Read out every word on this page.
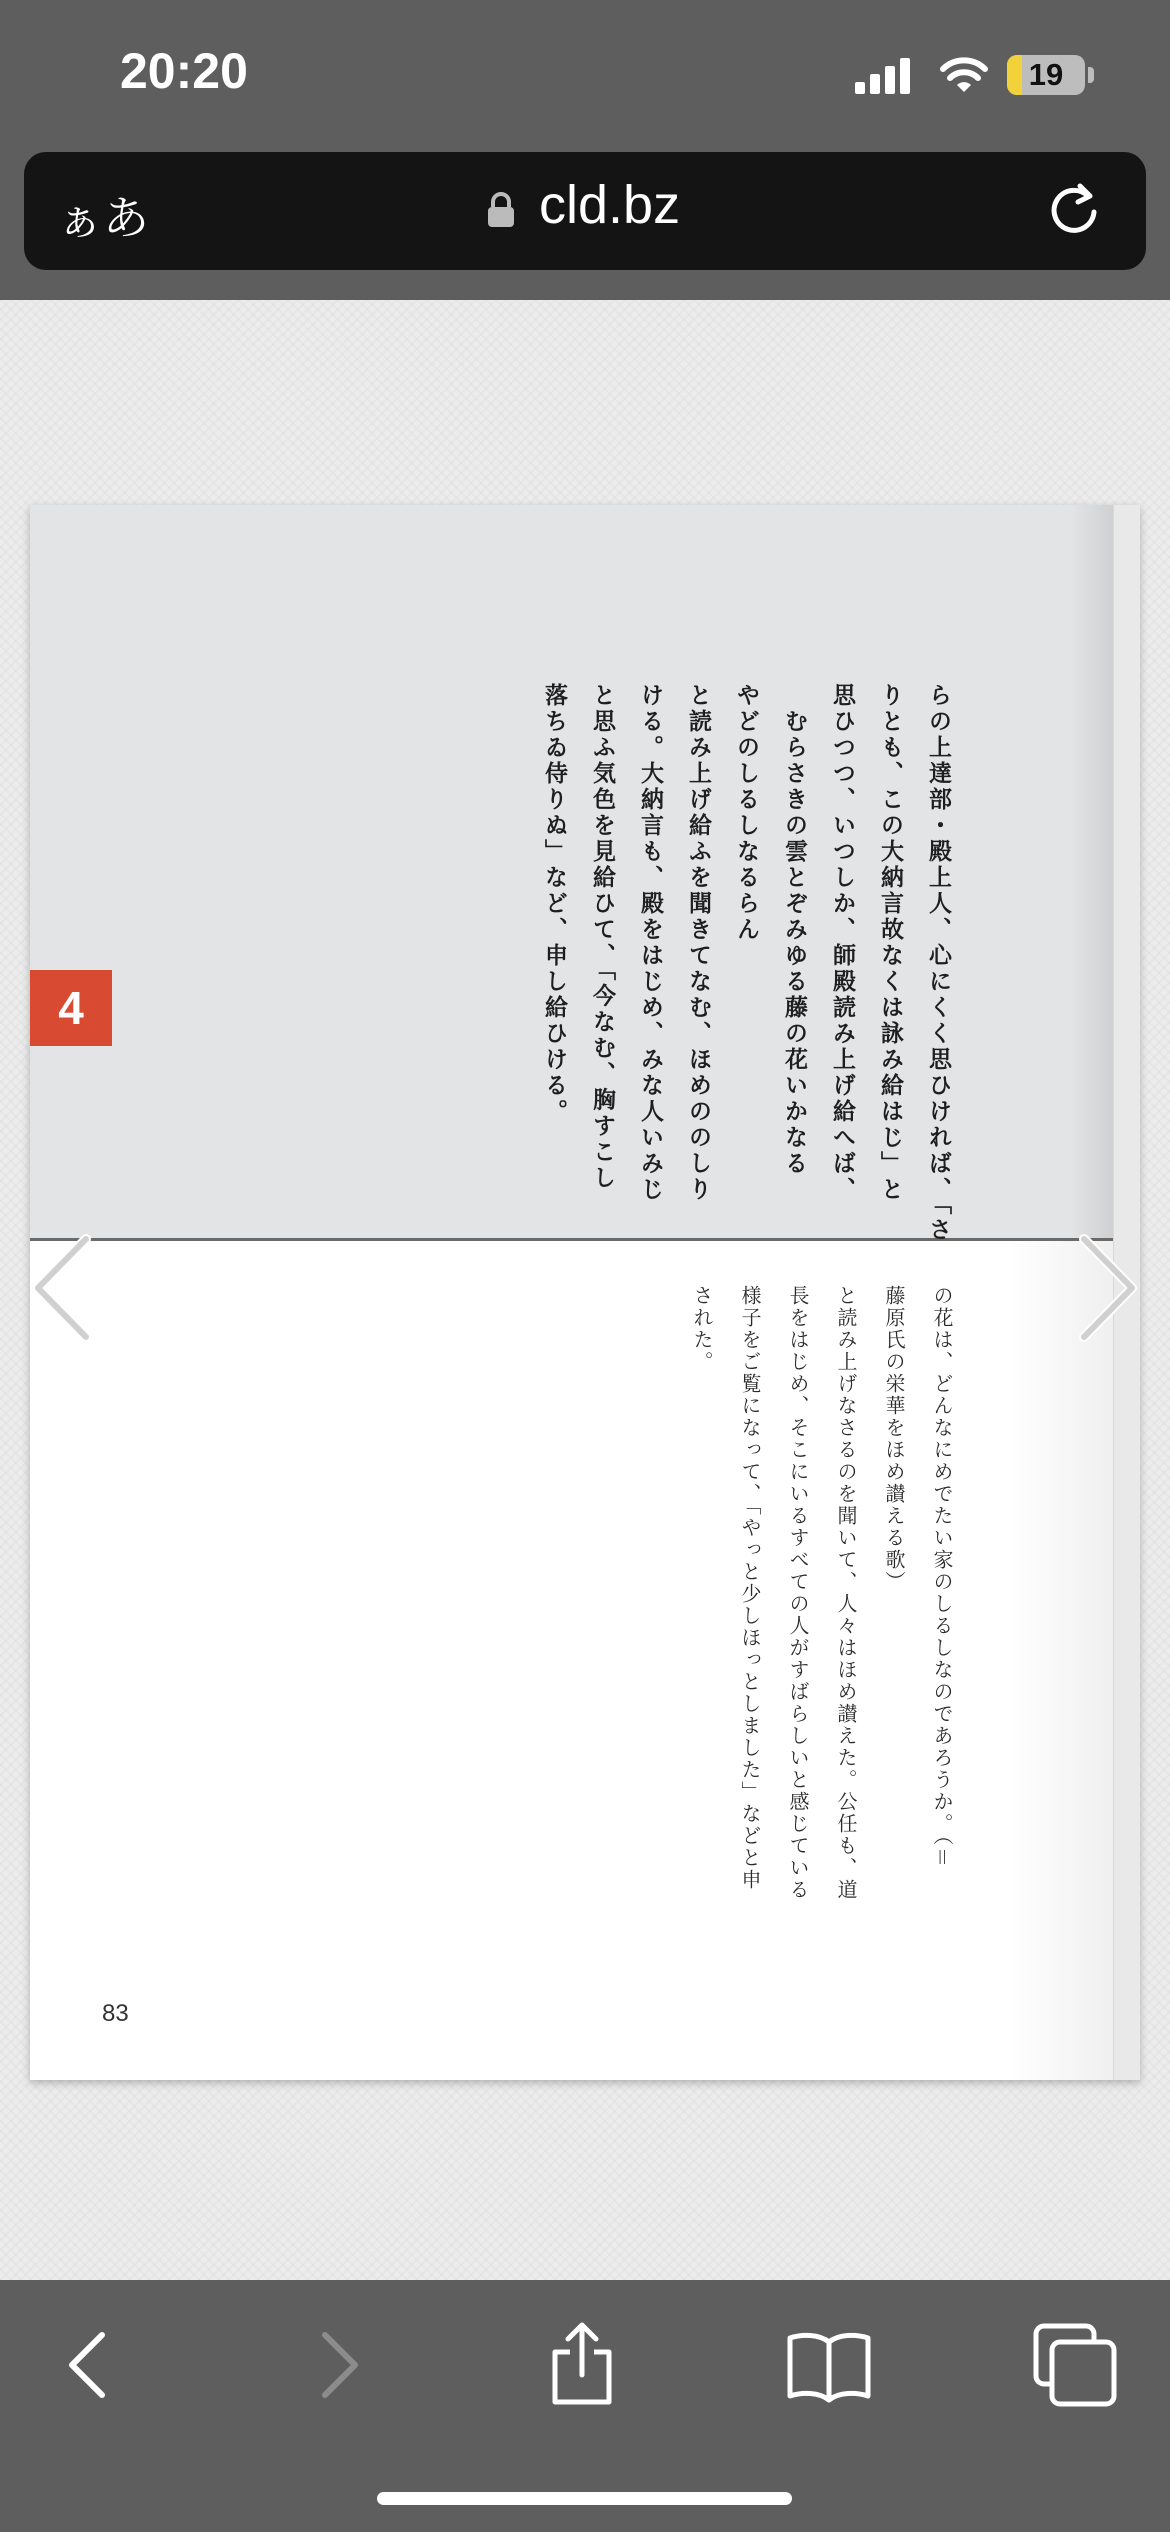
20:20	19
ぁあ	cld.bz
4	らの上達部・殿上人、心にくく思ひければ、「さ
りとも、この大納言故なくは詠み給はじ」と
思ひつつ、いつしか、師殿読み上げ給へば、
　むらさきの雲とぞみゆる藤の花いかなる
やどのしるしなるらん
と読み上げ給ふを聞きてなむ、ほめののしり
ける。大納言も、殿をはじめ、みな人いみじ
と思ふ気色を見給ひて、「今なむ、胸すこし
落ちゐ侍りぬ」など、申し給ひける。
の花は、どんなにめでたい家のしるしなのであろうか。（＝
藤原氏の栄華をほめ讃える歌）
と読み上げなさるのを聞いて、人々はほめ讃えた。公任も、道
長をはじめ、そこにいるすべての人がすばらしいと感じている
様子をご覧になって、「やっと少しほっとしました」などと申
された。
83
